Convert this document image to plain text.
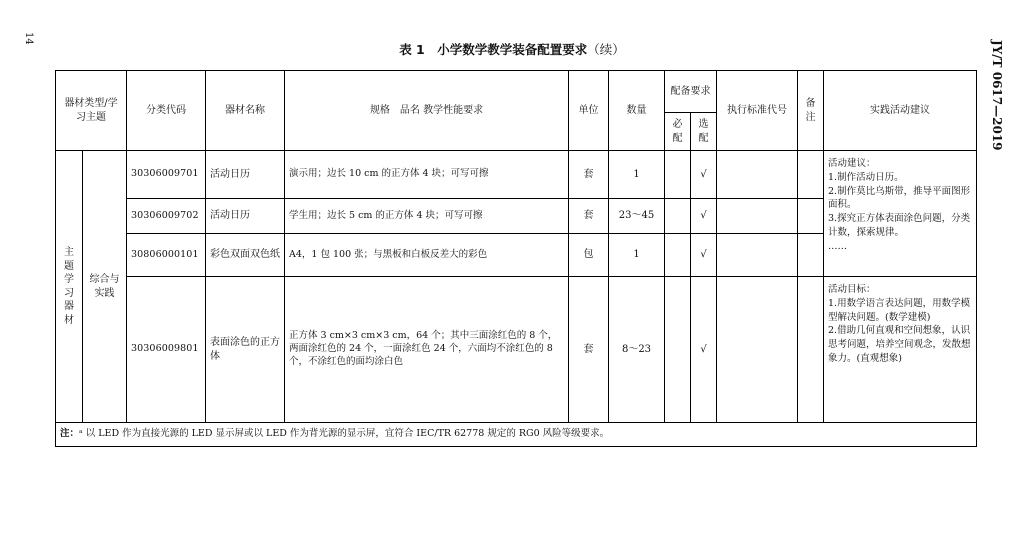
14
JY/T 0617—2019
表 1　小学数学教学装备配置要求（续）
器材类型/学习主题		分类代码	器材名称	规格　品名 教学性能要求	单位	数量	配备要求		执行标准代号	备注	实践活动建议
							必配	选配			
主题学习器材	综合与实践	30306009701	活动日历	演示用；边长 10 cm 的正方体 4 块；可写可擦	套	1		√			活动建议：
1.制作活动日历。
2.制作莫比乌斯带，推导平面图形面积。
3.探究正方体表面涂色问题，分类计数，探索规律。
……
		30306009702	活动日历	学生用；边长 5 cm 的正方体 4 块；可写可擦	套	23～45		√			
		30806000101	彩色双面双色纸	A4，1 包 100 张；与黑板和白板反差大的彩色	包	1		√			
		30306009801	表面涂色的正方体	正方体 3 cm×3 cm×3 cm，64 个；其中三面涂红色的 8 个，两面涂红色的 24 个，一面涂红色 24 个，六面均不涂红色的 8 个，不涂红色的面均涂白色	套	8～23		√			活动目标：
1.用数学语言表达问题，用数学模型解决问题。(数学建模)
2.借助几何直观和空间想象，认识思考问题，培养空间观念，发散想象力。(直观想象)
注：ᵃ 以 LED 作为直接光源的 LED 显示屏或以 LED 作为背光源的显示屏，宜符合 IEC/TR 62778 规定的 RG0 风险等级要求。											
